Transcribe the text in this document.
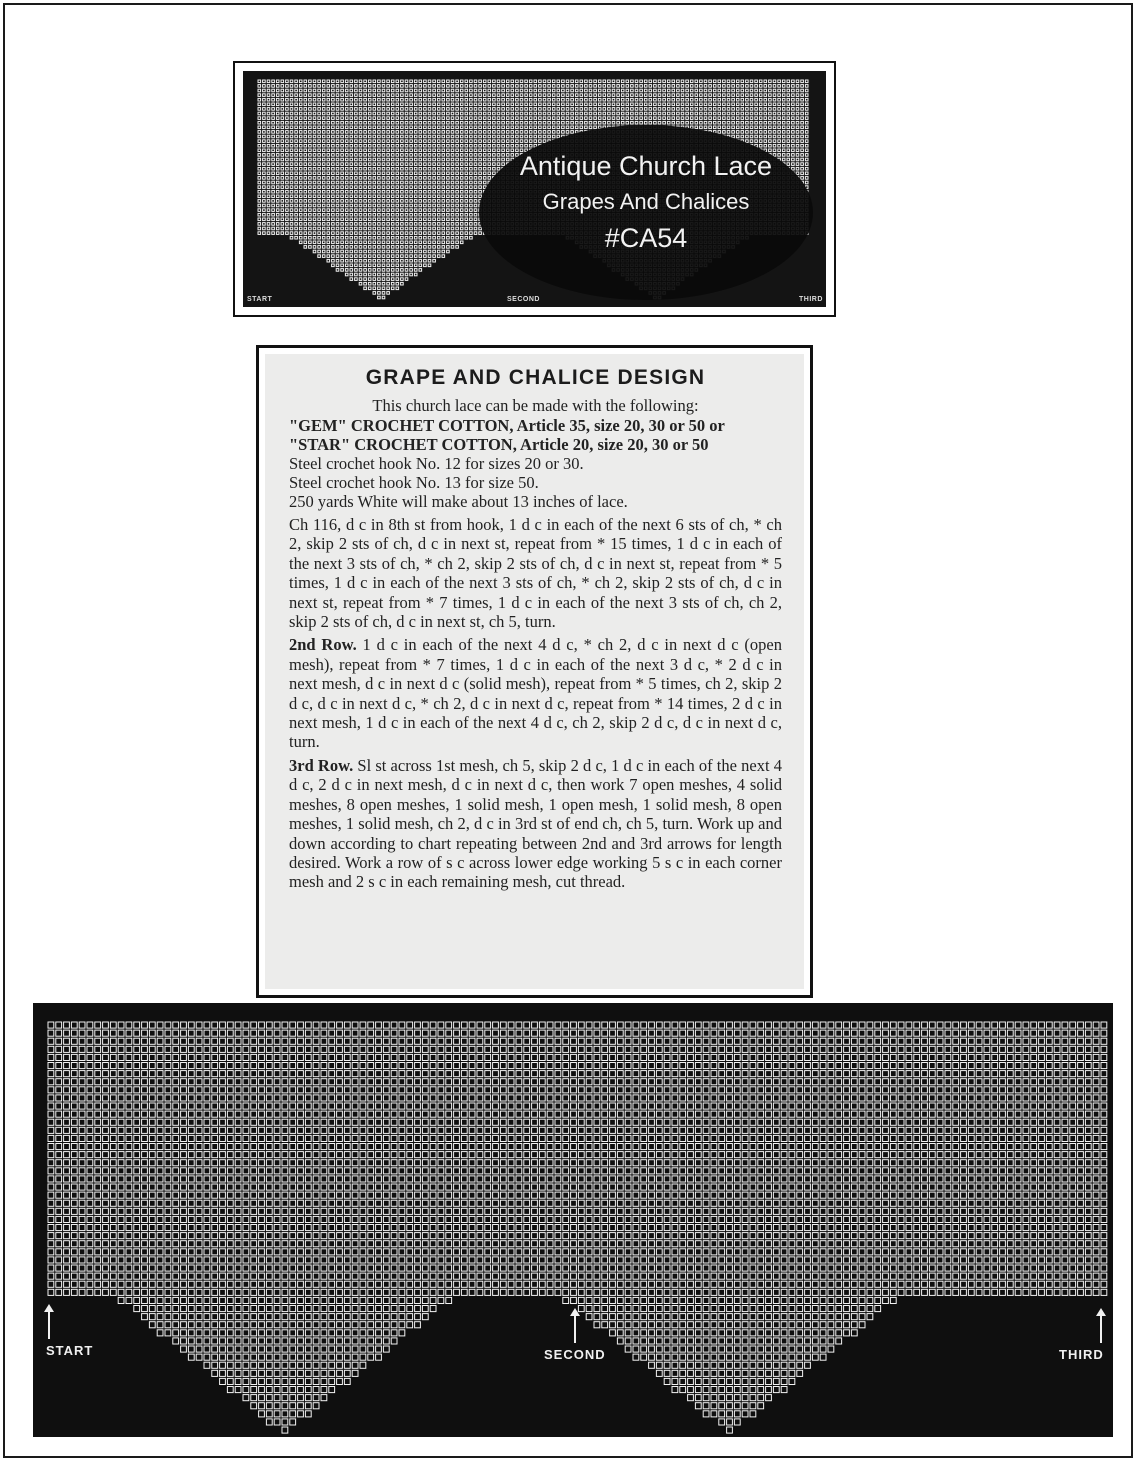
Antique Church Lace
Grapes And Chalices
#CA54
START	SECOND	THIRD
GRAPE AND CHALICE DESIGN

This church lace can be made with the following:

"GEM" CROCHET COTTON, Article 35, size 20, 30 or 50 or

"STAR" CROCHET COTTON, Article 20, size 20, 30 or 50

Steel crochet hook No. 12 for sizes 20 or 30.

Steel crochet hook No. 13 for size 50.

250 yards White will make about 13 inches of lace.

Ch 116, d c in 8th st from hook, 1 d c in each of the next 6 sts of ch, * ch 2, skip 2 sts of ch, d c in next st, repeat from * 15 times, 1 d c in each of the next 3 sts of ch, * ch 2, skip 2 sts of ch, d c in next st, repeat from * 5 times, 1 d c in each of the next 3 sts of ch, * ch 2, skip 2 sts of ch, d c in next st, repeat from * 7 times, 1 d c in each of the next 3 sts of ch, ch 2, skip 2 sts of ch, d c in next st, ch 5, turn.

2nd Row. 1 d c in each of the next 4 d c, * ch 2, d c in next d c (open mesh), repeat from * 7 times, 1 d c in each of the next 3 d c, * 2 d c in next mesh, d c in next d c (solid mesh), repeat from * 5 times, ch 2, skip 2 d c, d c in next d c, * ch 2, d c in next d c, repeat from * 14 times, 2 d c in next mesh, 1 d c in each of the next 4 d c, ch 2, skip 2 d c, d c in next d c, turn.

3rd Row. Sl st across 1st mesh, ch 5, skip 2 d c, 1 d c in each of the next 4 d c, 2 d c in next mesh, d c in next d c, then work 7 open meshes, 4 solid meshes, 8 open meshes, 1 solid mesh, 1 open mesh, 1 solid mesh, 8 open meshes, 1 solid mesh, ch 2, d c in 3rd st of end ch, ch 5, turn. Work up and down according to chart repeating between 2nd and 3rd arrows for length desired. Work a row of s c across lower edge working 5 s c in each corner mesh and 2 s c in each remaining mesh, cut thread.

START	SECOND	THIRD
